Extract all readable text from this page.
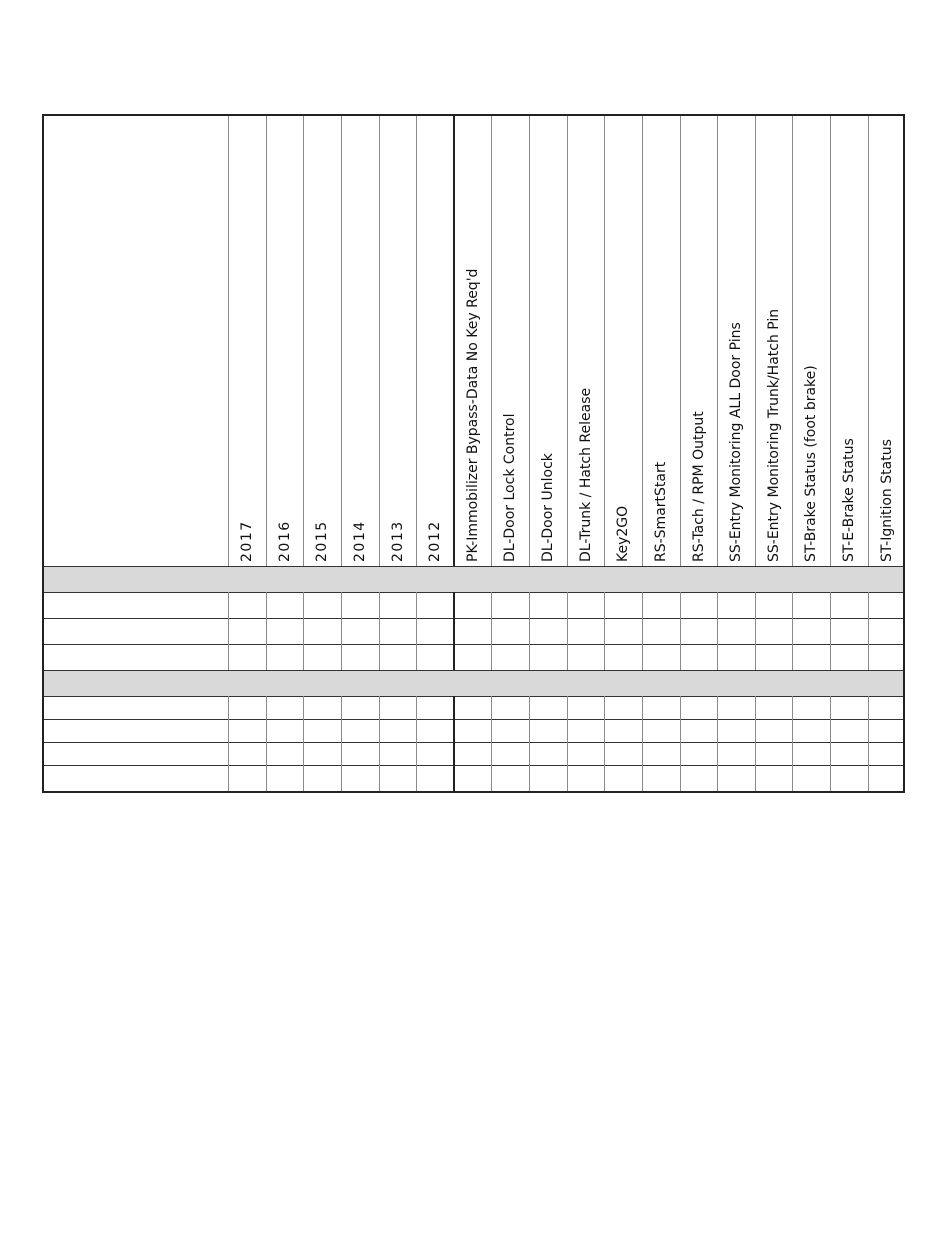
2017 2016 2015 2014 2013 2012 PK-Immobilizer Bypass-Data No Key Req'd DL-Door Lock Control DL-Door Unlock DL-Trunk / Hatch Release Key2GO RS-SmartStart RS-Tach / RPM Output SS-Entry Monitoring ALL Door Pins SS-Entry Monitoring Trunk/Hatch Pin ST-Brake Status (foot brake) ST-E-Brake Status ST-Ignition Status
